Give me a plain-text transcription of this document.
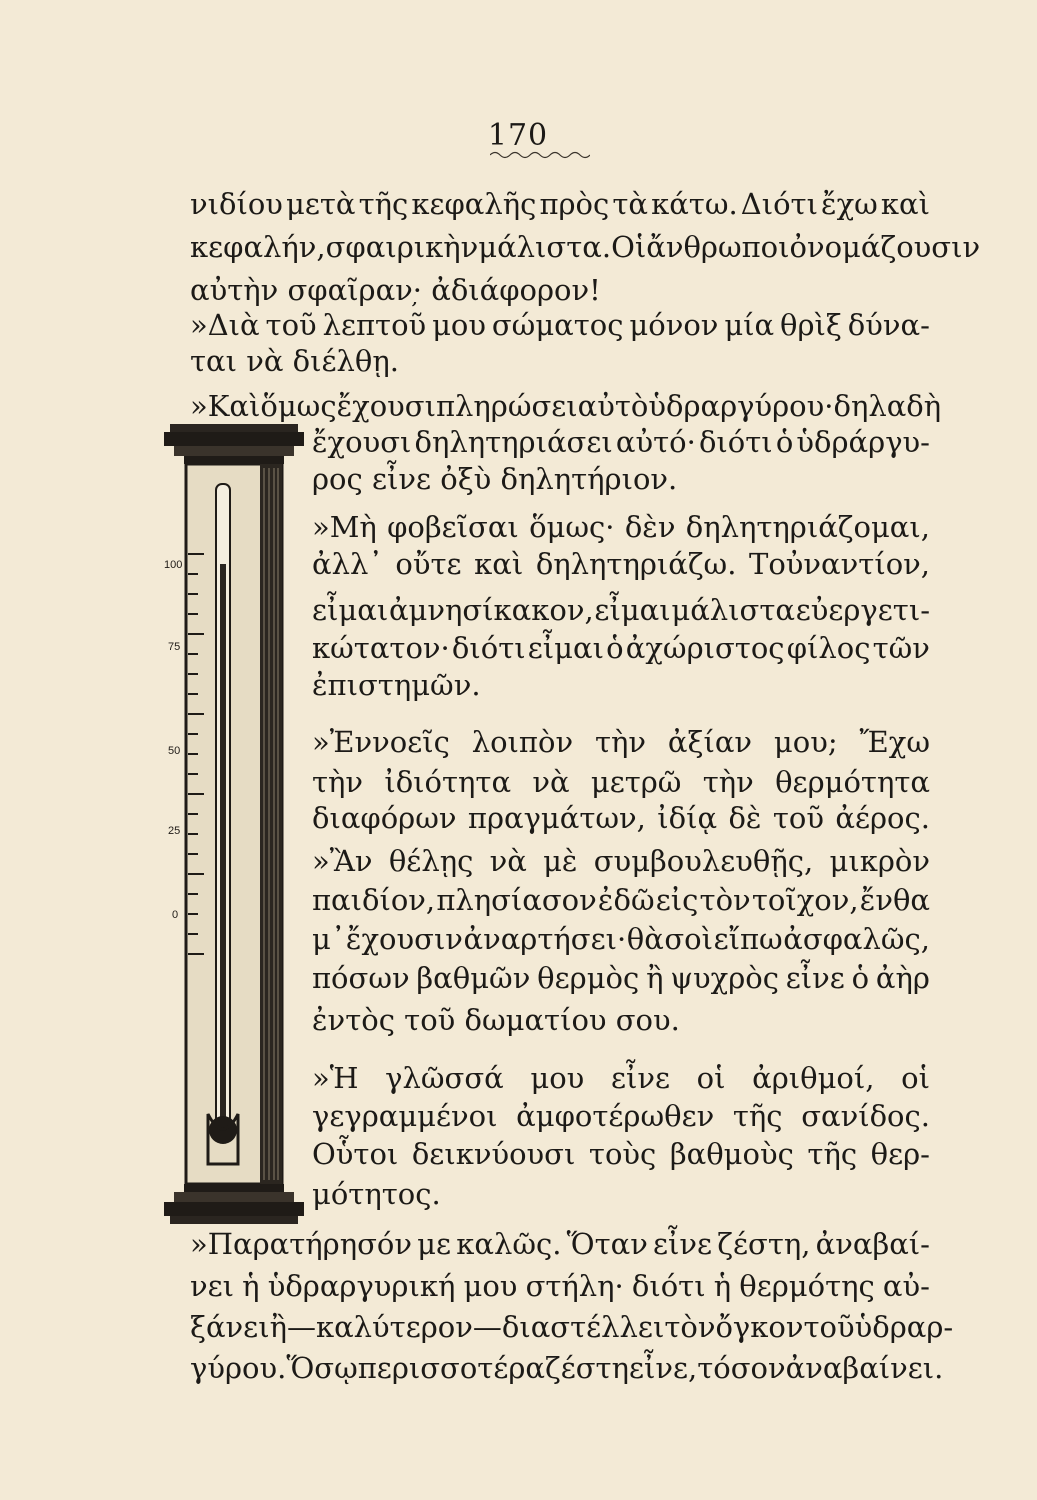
170
100
75
50
25
0
νιδίου μετὰ τῆς κεφαλῆς πρὸς τὰ κάτω. Διότι ἔχω καὶ
κεφαλήν, σφαιρικὴν μάλιστα. Οἱ ἄνθρωποι ὀνομάζουσιν
αὐτὴν σφαῖραν·̦ ἀδιάφορον!
»Διὰ τοῦ λεπτοῦ μου σώματος μόνον μία θρὶξ δύνα-
ται νὰ διέλθῃ.
»Καὶ ὅμως ἔχουσι πληρώσει αὐτὸ ὑδραργύρου· δηλαδὴ
ἔχουσι δηλητηριάσει αὐτό· διότι ὁ ὑδράργυ-
ρος εἶνε ὀξὺ δηλητήριον.
»Μὴ φοβεῖσαι ὅμως· δὲν δηλητηριάζομαι,
ἀλλ᾽ οὔτε καὶ δηλητηριάζω. Τοὐναντίον,
εἶμαι ἀμνησίκακον, εἶμαι μάλιστα εὐεργετι-
κώτατον· διότι εἶμαι ὁ ἀχώριστος φίλος τῶν
ἐπιστημῶν.
»Ἐννοεῖς λοιπὸν τὴν ἀξίαν μου; Ἔχω
τὴν ἰδιότητα νὰ μετρῶ τὴν θερμότητα
διαφόρων πραγμάτων, ἰδίᾳ δὲ τοῦ ἀέρος.
»Ἂν θέλῃς νὰ μὲ συμβουλευθῇς, μικρὸν
παιδίον, πλησίασον ἐδῶ εἰς τὸν τοῖχον, ἔνθα
μ᾽ ἔχουσιν ἀναρτήσει· θὰ σοὶ εἴπω ἀσφαλῶς,
πόσων βαθμῶν θερμὸς ἢ ψυχρὸς εἶνε ὁ ἀὴρ
ἐντὸς τοῦ δωματίου σου.
»Ἡ γλῶσσά μου εἶνε οἱ ἀριθμοί, οἱ
γεγραμμένοι ἀμφοτέρωθεν τῆς σανίδος.
Οὗτοι δεικνύουσι τοὺς βαθμοὺς τῆς θερ-
μότητος.
»Παρατήρησόν με καλῶς. Ὅταν εἶνε ζέστη, ἀναβαί-
νει ἡ ὑδραργυρική μου στήλη· διότι ἡ θερμότης αὐ-
ξάνει ἢ—καλύτερον—διαστέλλει τὸν ὄγκον τοῦ ὑδραρ-
γύρου. Ὅσῳ περισσοτέρα ζέστη εἶνε, τόσον ἀναβαίνει.
